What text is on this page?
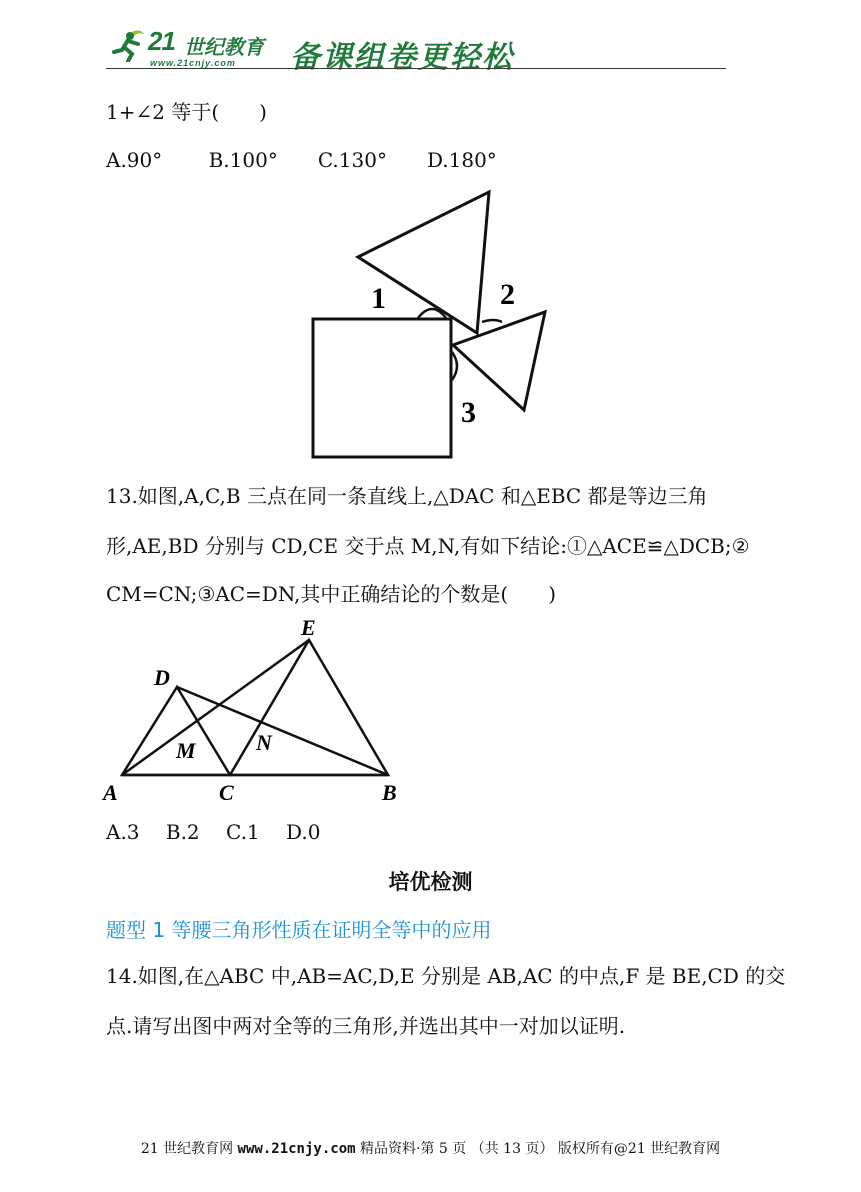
21 世纪教育
www.21cnjy.com 备课组卷更轻松
1+∠2 等于(　　)
A.90°　 　B.100°　　C.130°　　D.180°
1	2
3
13.如图,A,C,B 三点在同一条直线上,△DAC 和△EBC 都是等边三角
形,AE,BD 分别与 CD,CE 交于点 M,N,有如下结论:①△ACE≌△DCB;②
CM=CN;③AC=DN,其中正确结论的个数是(　　)
A	B
C
D
E
M	N
A.3　 B.2　 C.1　 D.0
培优检测
题型 1 等腰三角形性质在证明全等中的应用
14.如图,在△ABC 中,AB=AC,D,E 分别是 AB,AC 的中点,F 是 BE,CD 的交
点.请写出图中两对全等的三角形,并选出其中一对加以证明.
21 世纪教育网 www.21cnjy.com 精品资料·第 5 页 （共 13 页） 版权所有@21 世纪教育网
